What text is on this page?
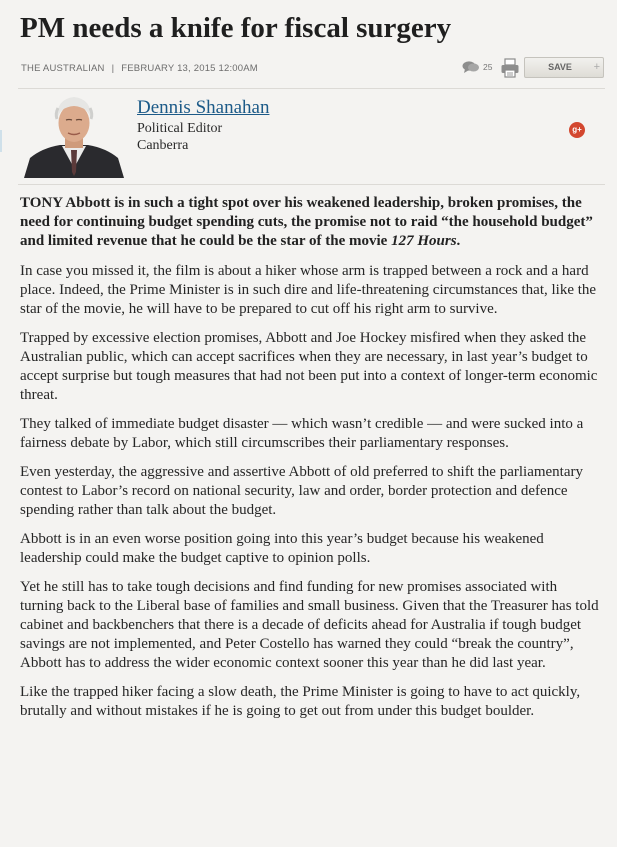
PM needs a knife for fiscal surgery
THE AUSTRALIAN | FEBRUARY 13, 2015 12:00AM	25	SAVE +
Dennis Shanahan
Political Editor
Canberra
g+

TONY Abbott is in such a tight spot over his weakened leadership, broken promises, the need for continuing budget spending cuts, the promise not to raid “the household budget” and limited revenue that he could be the star of the movie 127 Hours.

In case you missed it, the film is about a hiker whose arm is trapped between a rock and a hard place. Indeed, the Prime Minister is in such dire and life-threatening circumstances that, like the star of the movie, he will have to be prepared to cut off his right arm to survive.

Trapped by excessive election promises, Abbott and Joe Hockey misfired when they asked the Australian public, which can accept sacrifices when they are necessary, in last year’s budget to accept surprise but tough measures that had not been put into a context of longer-term economic threat.

They talked of immediate budget disaster — which wasn’t credible — and were sucked into a fairness debate by Labor, which still circumscribes their parliamentary responses.

Even yesterday, the aggressive and assertive Abbott of old preferred to shift the parliamentary contest to Labor’s record on national security, law and order, border protection and defence spending rather than talk about the budget.

Abbott is in an even worse position going into this year’s budget because his weakened leadership could make the budget captive to opinion polls.

Yet he still has to take tough decisions and find funding for new promises associated with turning back to the Liberal base of families and small business. Given that the Treasurer has told cabinet and backbenchers that there is a decade of deficits ahead for Australia if tough budget savings are not implemented, and Peter Costello has warned they could “break the country”, Abbott has to address the wider economic context sooner this year than he did last year.

Like the trapped hiker facing a slow death, the Prime Minister is going to have to act quickly, brutally and without mistakes if he is going to get out from under this budget boulder.
